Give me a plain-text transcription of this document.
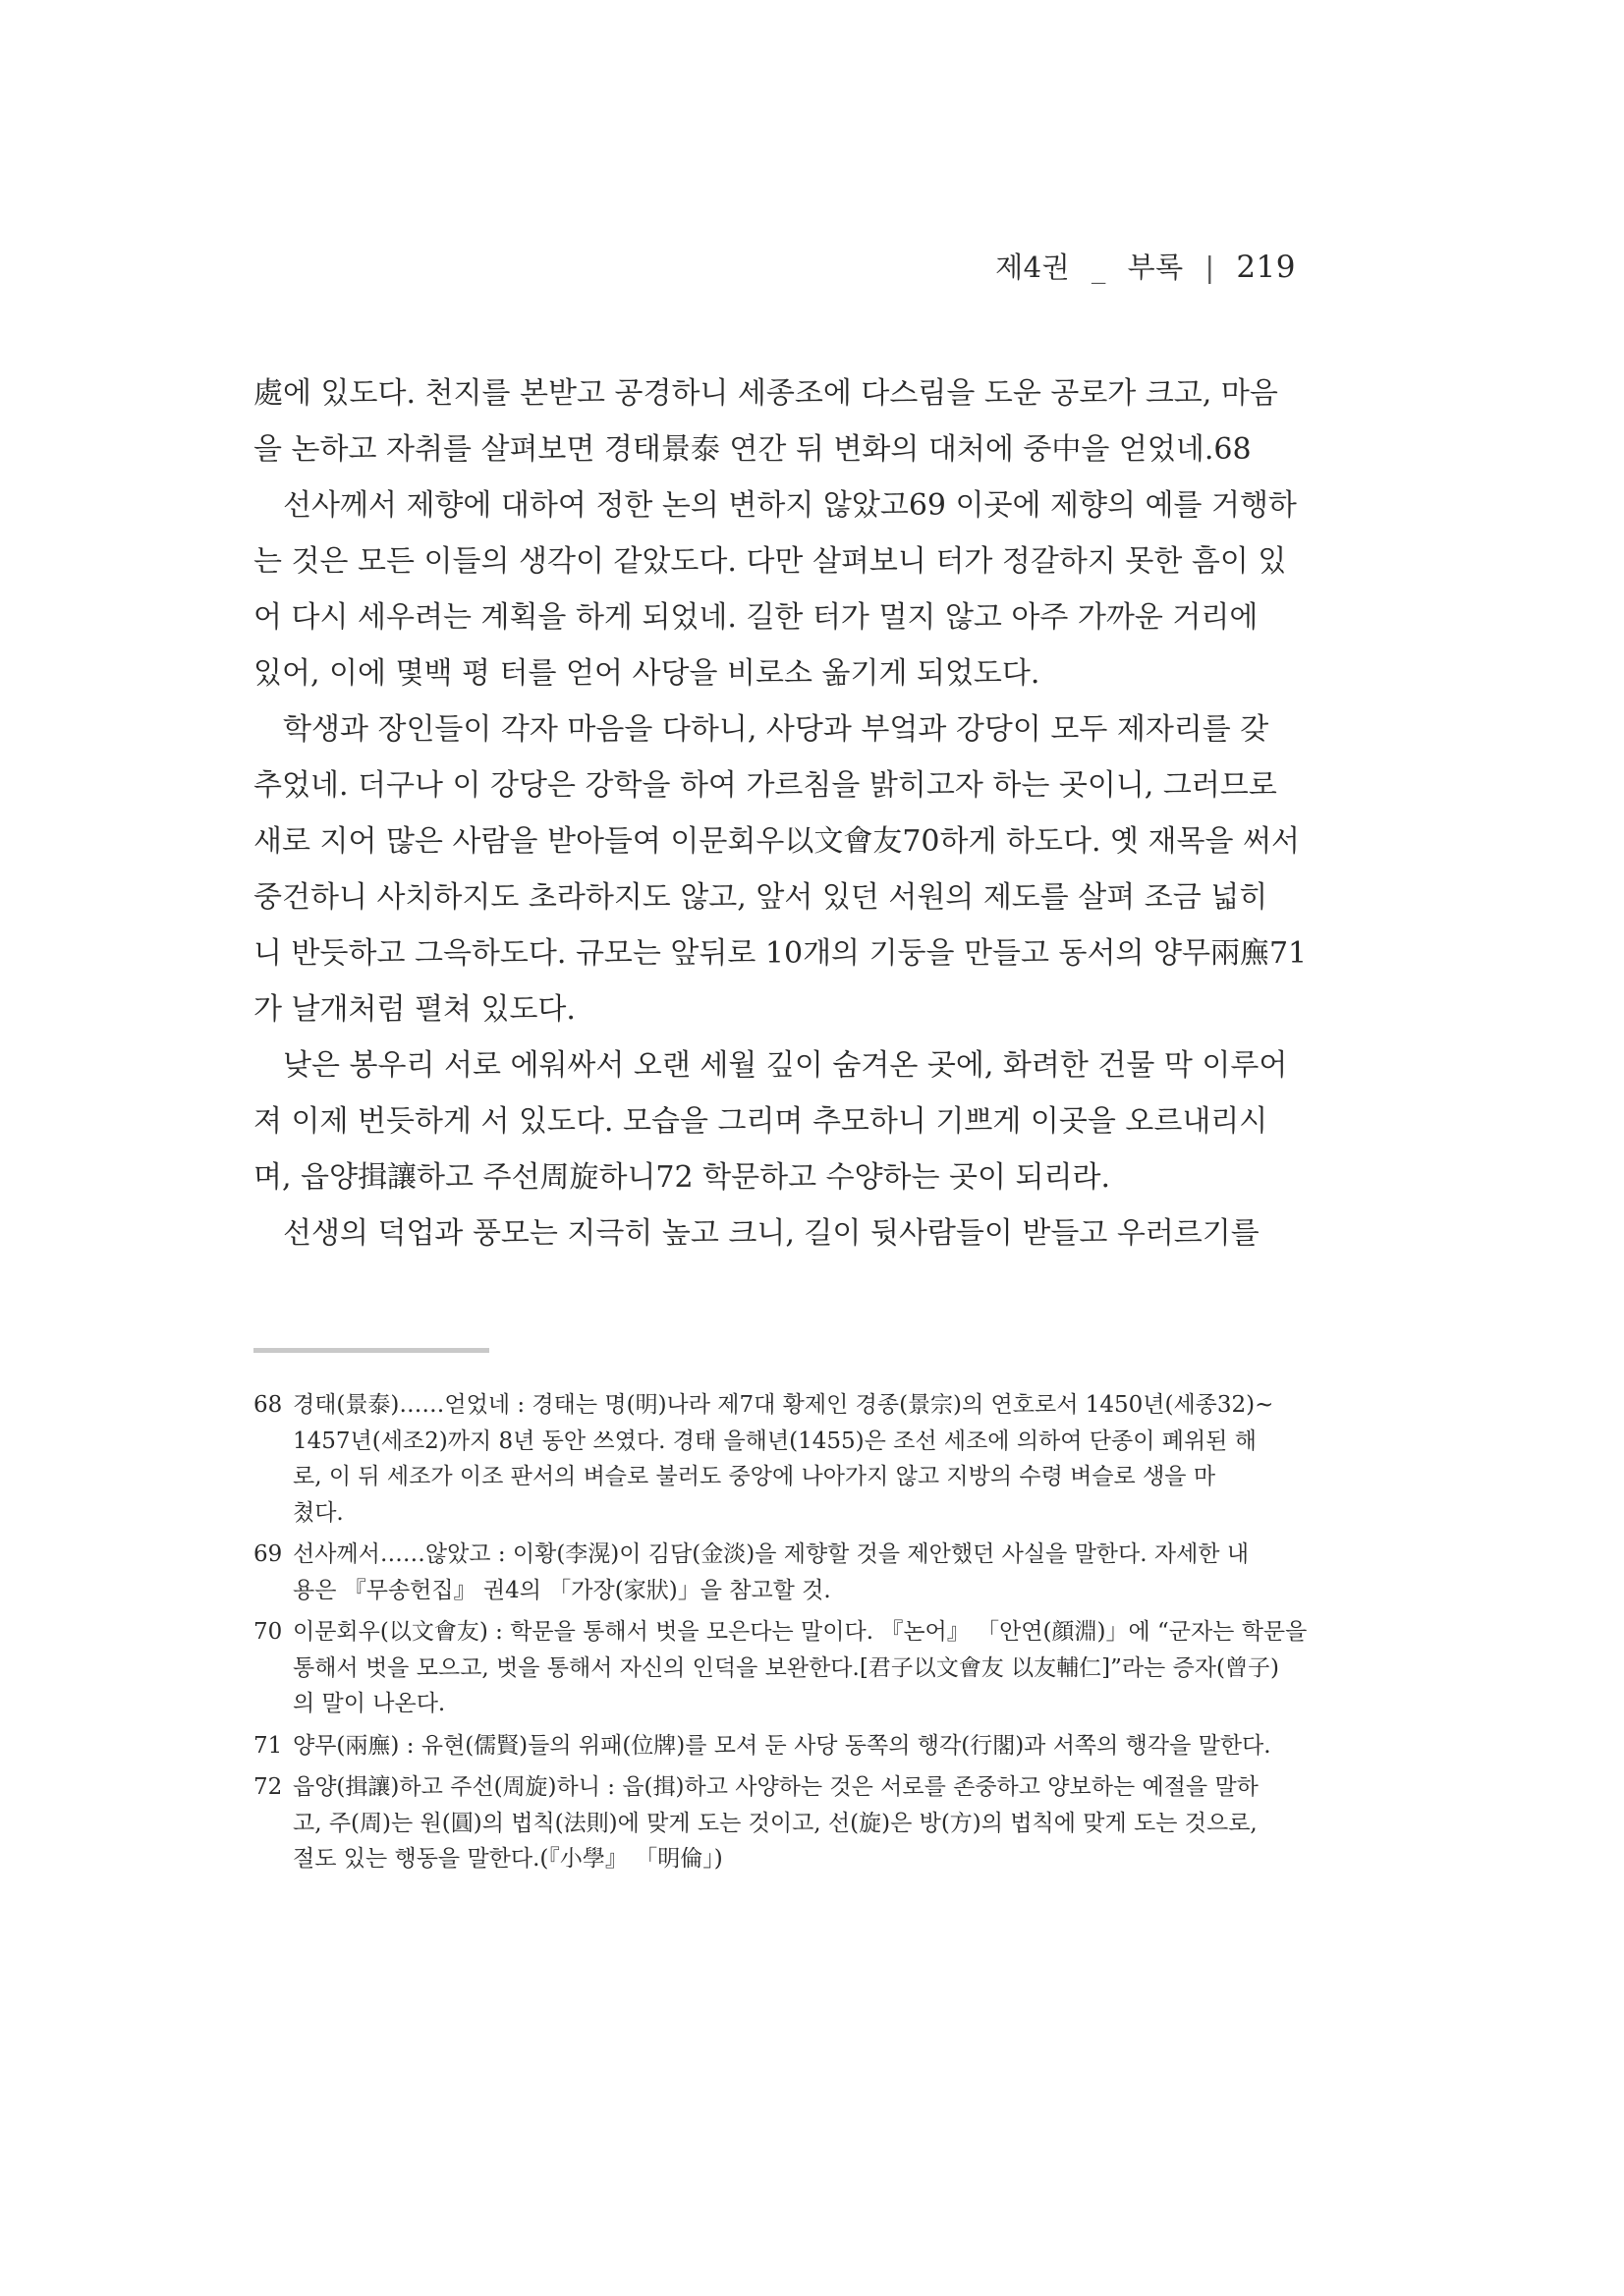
제4권 _ 부록 | 219

處에 있도다. 천지를 본받고 공경하니 세종조에 다스림을 도운 공로가 크고, 마음
을 논하고 자취를 살펴보면 경태景泰 연간 뒤 변화의 대처에 중中을 얻었네.68

선사께서 제향에 대하여 정한 논의 변하지 않았고69 이곳에 제향의 예를 거행하
는 것은 모든 이들의 생각이 같았도다. 다만 살펴보니 터가 정갈하지 못한 흠이 있
어 다시 세우려는 계획을 하게 되었네. 길한 터가 멀지 않고 아주 가까운 거리에
있어, 이에 몇백 평 터를 얻어 사당을 비로소 옮기게 되었도다.

학생과 장인들이 각자 마음을 다하니, 사당과 부엌과 강당이 모두 제자리를 갖
추었네. 더구나 이 강당은 강학을 하여 가르침을 밝히고자 하는 곳이니, 그러므로
새로 지어 많은 사람을 받아들여 이문회우以文會友70하게 하도다. 옛 재목을 써서
중건하니 사치하지도 초라하지도 않고, 앞서 있던 서원의 제도를 살펴 조금 넓히
니 반듯하고 그윽하도다. 규모는 앞뒤로 10개의 기둥을 만들고 동서의 양무兩廡71
가 날개처럼 펼쳐 있도다.

낮은 봉우리 서로 에워싸서 오랜 세월 깊이 숨겨온 곳에, 화려한 건물 막 이루어
져 이제 번듯하게 서 있도다. 모습을 그리며 추모하니 기쁘게 이곳을 오르내리시
며, 읍양揖讓하고 주선周旋하니72 학문하고 수양하는 곳이 되리라.

선생의 덕업과 풍모는 지극히 높고 크니, 길이 뒷사람들이 받들고 우러르기를

68 경태(景泰)……얻었네 : 경태는 명(明)나라 제7대 황제인 경종(景宗)의 연호로서 1450년(세종32)~
1457년(세조2)까지 8년 동안 쓰였다. 경태 을해년(1455)은 조선 세조에 의하여 단종이 폐위된 해
로, 이 뒤 세조가 이조 판서의 벼슬로 불러도 중앙에 나아가지 않고 지방의 수령 벼슬로 생을 마
쳤다.
69 선사께서……않았고 : 이황(李滉)이 김담(金淡)을 제향할 것을 제안했던 사실을 말한다. 자세한 내
용은 『무송헌집』 권4의 「가장(家狀)」을 참고할 것.
70 이문회우(以文會友) : 학문을 통해서 벗을 모은다는 말이다. 『논어』 「안연(顔淵)」에 “군자는 학문을
통해서 벗을 모으고, 벗을 통해서 자신의 인덕을 보완한다.[君子以文會友 以友輔仁]”라는 증자(曾子)
의 말이 나온다.
71 양무(兩廡) : 유현(儒賢)들의 위패(位牌)를 모셔 둔 사당 동쪽의 행각(行閣)과 서쪽의 행각을 말한다.
72 읍양(揖讓)하고 주선(周旋)하니 : 읍(揖)하고 사양하는 것은 서로를 존중하고 양보하는 예절을 말하
고, 주(周)는 원(圓)의 법칙(法則)에 맞게 도는 것이고, 선(旋)은 방(方)의 법칙에 맞게 도는 것으로,
절도 있는 행동을 말한다.(『小學』 「明倫」)
